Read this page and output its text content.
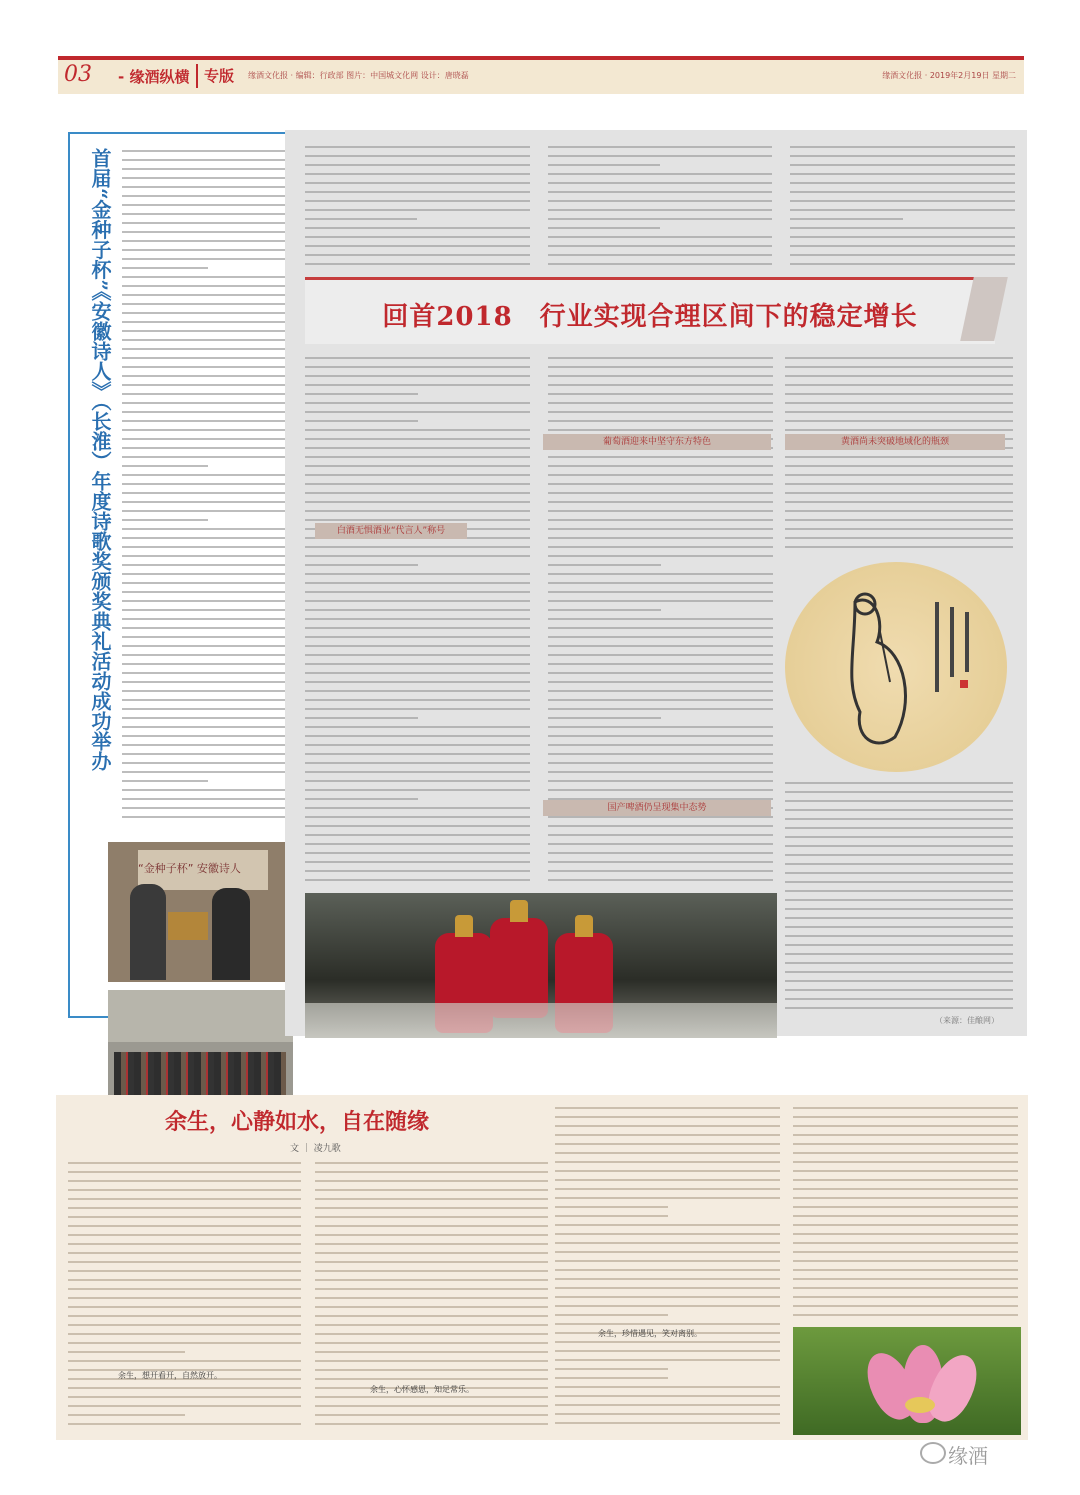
03 - 缘酒纵横 专版 缘酒文化报 · 编辑：行政部 图片：中国城文化网 设计：唐晓磊	缘酒文化报 · 2019年2月19日 星期二
首届“金种子杯”《安徽诗人》（长淮）年度诗歌奖颁奖典礼活动成功举办
“金种子杯” 安徽诗人
回首2018　行业实现合理区间下的稳定增长
白酒无惧酒业“代言人”称号
葡萄酒迎来中坚守东方特色
国产啤酒仍呈现集中态势
黄酒尚未突破地域化的瓶颈

（来源：佳酿网）
余生，心静如水，自在随缘
文 ｜ 凌九歌
余生，想开看开，自然放开。
余生，心怀感恩，知足常乐。
余生，珍惜遇见，笑对离别。
缘酒
